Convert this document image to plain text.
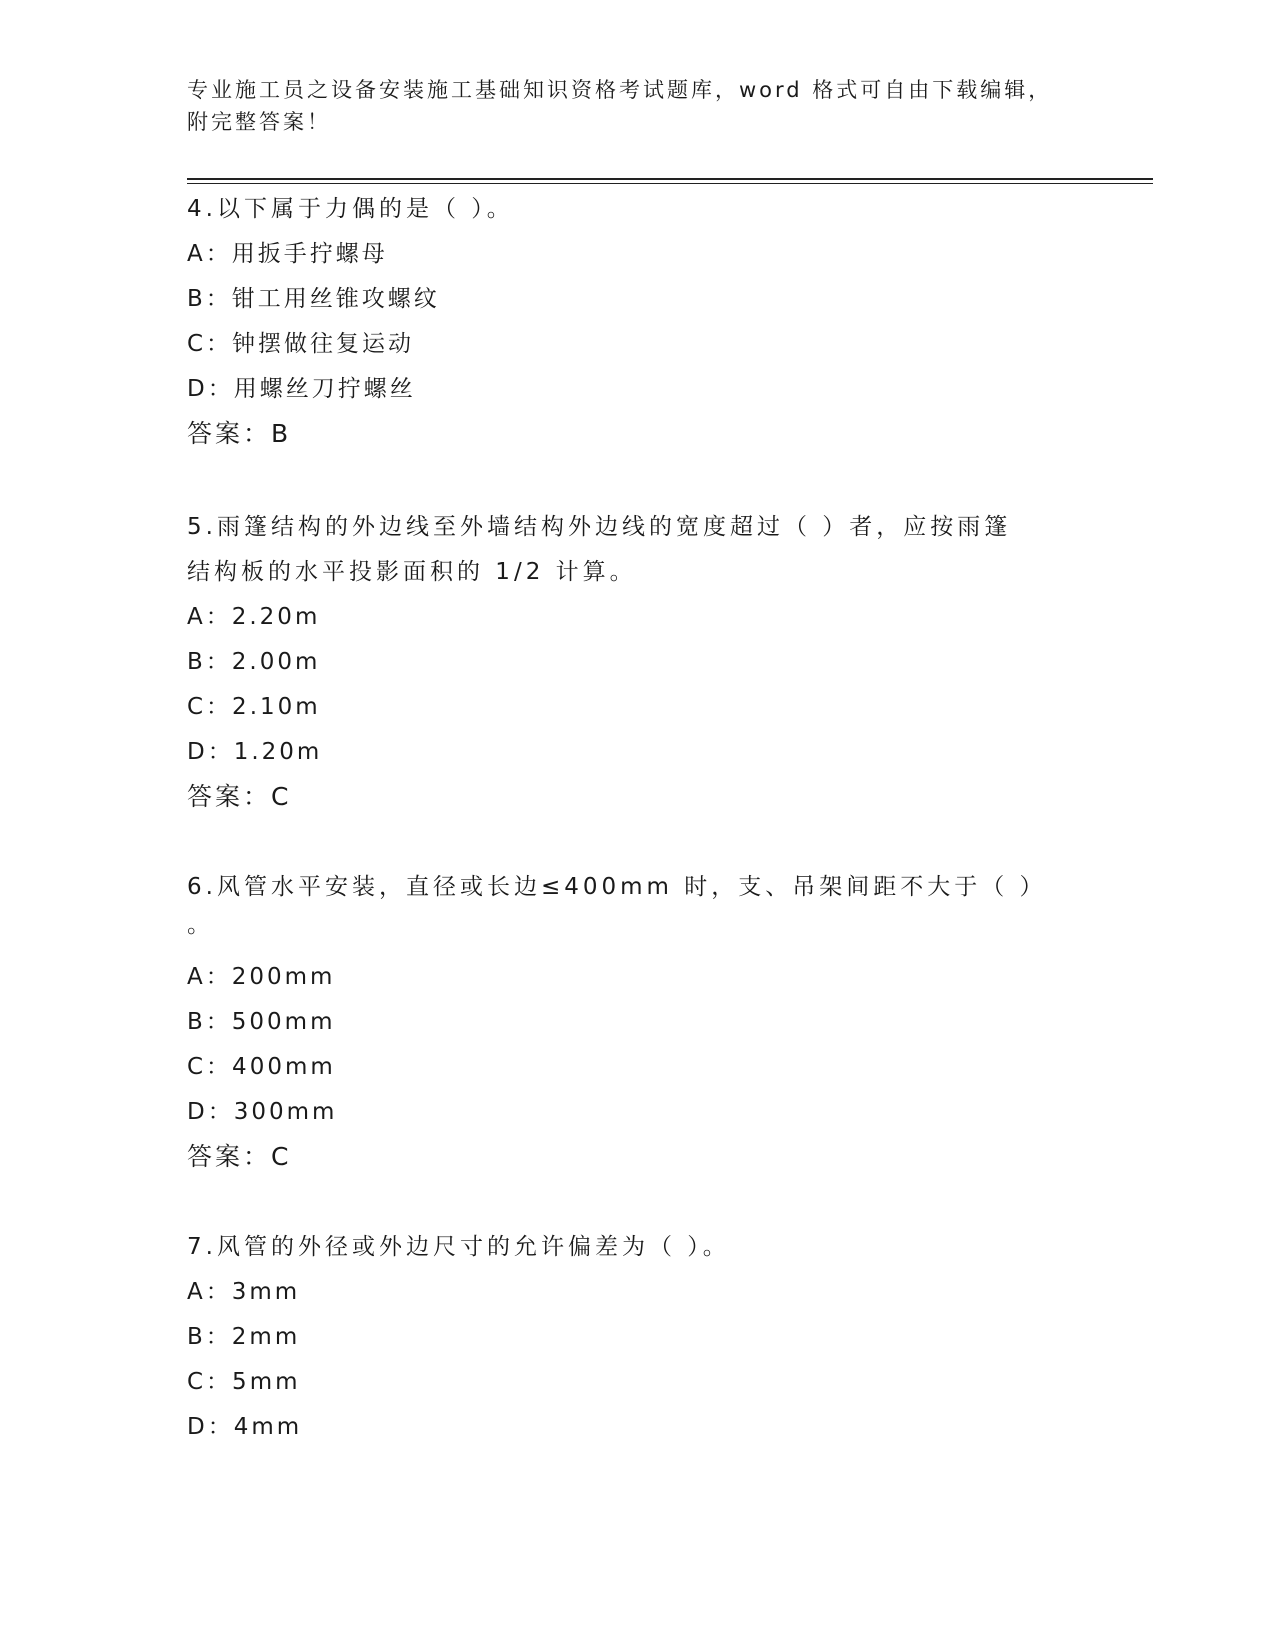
专业施工员之设备安装施工基础知识资格考试题库，word 格式可自由下载编辑，
附完整答案！
4.以下属于力偶的是（ ）。
A：用扳手拧螺母
B：钳工用丝锥攻螺纹
C：钟摆做往复运动
D：用螺丝刀拧螺丝
答案：B
5.雨篷结构的外边线至外墙结构外边线的宽度超过（ ）者，应按雨篷
结构板的水平投影面积的 1/2 计算。
A：2.20m
B：2.00m
C：2.10m
D：1.20m
答案：C
6.风管水平安装，直径或长边≤400mm 时，支、吊架间距不大于（ ）
。
A：200mm
B：500mm
C：400mm
D：300mm
答案：C
7.风管的外径或外边尺寸的允许偏差为（ ）。
A：3mm
B：2mm
C：5mm
D：4mm
